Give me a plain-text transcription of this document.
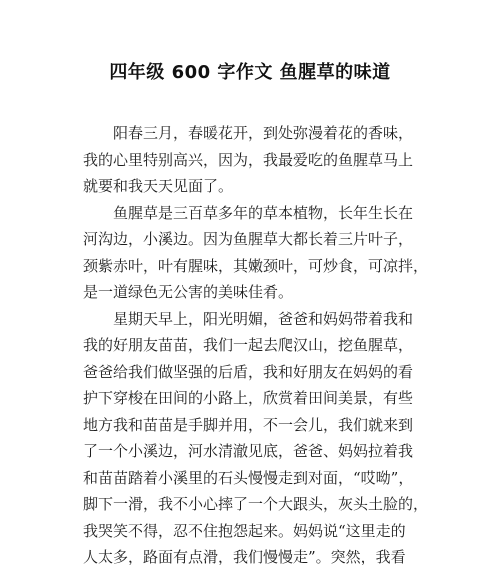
四年级 600 字作文 鱼腥草的味道
　　阳春三月，春暖花开，到处弥漫着花的香味，
我的心里特别高兴，因为，我最爱吃的鱼腥草马上
就要和我天天见面了。
　　鱼腥草是三百草多年的草本植物，长年生长在
河沟边，小溪边。因为鱼腥草大都长着三片叶子，
颈紫赤叶，叶有腥味，其嫩颈叶，可炒食，可凉拌，
是一道绿色无公害的美味佳肴。
　　星期天早上，阳光明媚，爸爸和妈妈带着我和
我的好朋友苗苗，我们一起去爬汉山，挖鱼腥草，
爸爸给我们做坚强的后盾，我和好朋友在妈妈的看
护下穿梭在田间的小路上，欣赏着田间美景，有些
地方我和苗苗是手脚并用，不一会儿，我们就来到
了一个小溪边，河水清澈见底，爸爸、妈妈拉着我
和苗苗踏着小溪里的石头慢慢走到对面，“哎呦”，
脚下一滑，我不小心摔了一个大跟头，灰头土脸的，
我哭笑不得，忍不住抱怨起来。妈妈说“这里走的
人太多，路面有点滑，我们慢慢走”。突然，我看
